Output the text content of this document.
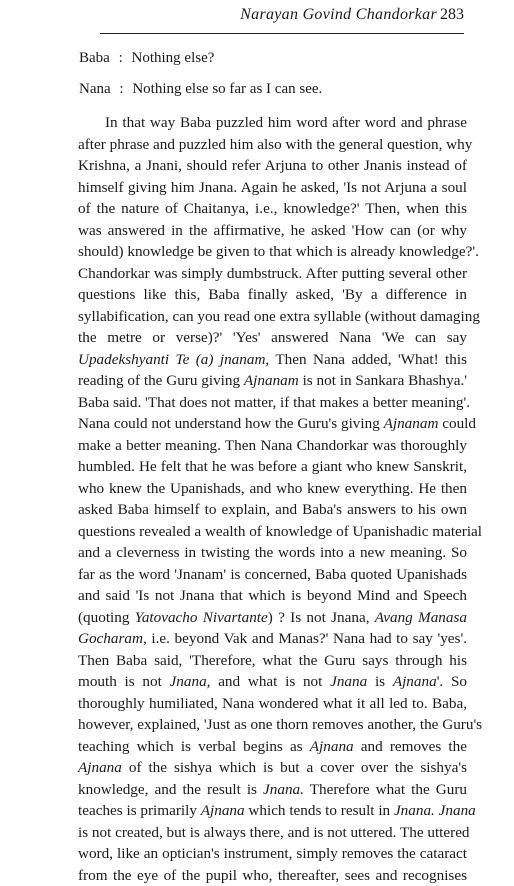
Narayan Govind Chandorkar 283
Baba : Nothing else?
Nana : Nothing else so far as I can see.
In that way Baba puzzled him word after word and phrase
after phrase and puzzled him also with the general question, why
Krishna, a Jnani, should refer Arjuna to other Jnanis instead of
himself giving him Jnana. Again he asked, 'Is not Arjuna a soul
of the nature of Chaitanya, i.e., knowledge?' Then, when this
was answered in the affirmative, he asked 'How can (or why
should) knowledge be given to that which is already knowledge?'.
Chandorkar was simply dumbstruck. After putting several other
questions like this, Baba finally asked, 'By a difference in
syllabification, can you read one extra syllable (without damaging
the metre or verse)?' 'Yes' answered Nana 'We can say
Upadekshyanti Te (a) jnanam, Then Nana added, 'What! this
reading of the Guru giving Ajnanam is not in Sankara Bhashya.'
Baba said. 'That does not matter, if that makes a better meaning'.
Nana could not understand how the Guru's giving Ajnanam could
make a better meaning. Then Nana Chandorkar was thoroughly
humbled. He felt that he was before a giant who knew Sanskrit,
who knew the Upanishads, and who knew everything. He then
asked Baba himself to explain, and Baba's answers to his own
questions revealed a wealth of knowledge of Upanishadic material
and a cleverness in twisting the words into a new meaning. So
far as the word 'Jnanam' is concerned, Baba quoted Upanishads
and said 'Is not Jnana that which is beyond Mind and Speech
(quoting Yatovacho Nivartante) ? Is not Jnana, Avang Manasa
Gocharam, i.e. beyond Vak and Manas?' Nana had to say 'yes'.
Then Baba said, 'Therefore, what the Guru says through his
mouth is not Jnana, and what is not Jnana is Ajnana'. So
thoroughly humiliated, Nana wondered what it all led to. Baba,
however, explained, 'Just as one thorn removes another, the Guru's
teaching which is verbal begins as Ajnana and removes the
Ajnana of the sishya which is but a cover over the sishya's
knowledge, and the result is Jnana. Therefore what the Guru
teaches is primarily Ajnana which tends to result in Jnana. Jnana
is not created, but is always there, and is not uttered. The uttered
word, like an optician's instrument, simply removes the cataract
from the eye of the pupil who, thereafter, sees and recognises
